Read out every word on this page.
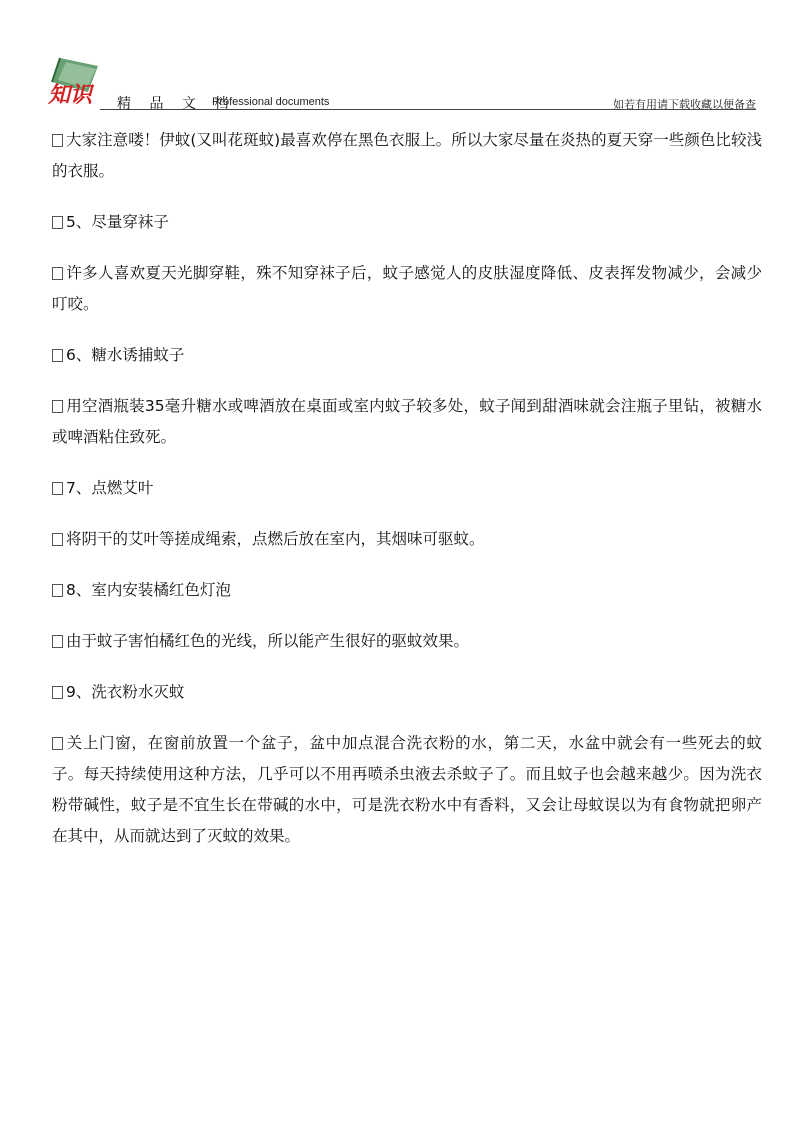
知识 精 品 文 档
Professional documents	如若有用请下载收藏以便备查

大家注意喽！伊蚊(又叫花斑蚊)最喜欢停在黑色衣服上。所以大家尽量在炎热的夏天穿一些颜色比较浅的衣服。

5、尽量穿袜子

许多人喜欢夏天光脚穿鞋，殊不知穿袜子后，蚊子感觉人的皮肤湿度降低、皮表挥发物减少，会减少叮咬。

6、糖水诱捕蚊子

用空酒瓶装35毫升糖水或啤酒放在桌面或室内蚊子较多处，蚊子闻到甜酒味就会注瓶子里钻，被糖水或啤酒粘住致死。

7、点燃艾叶

将阴干的艾叶等搓成绳索，点燃后放在室内，其烟味可驱蚊。

8、室内安装橘红色灯泡

由于蚊子害怕橘红色的光线，所以能产生很好的驱蚊效果。

9、洗衣粉水灭蚊

关上门窗，在窗前放置一个盆子，盆中加点混合洗衣粉的水，第二天，水盆中就会有一些死去的蚊子。每天持续使用这种方法，几乎可以不用再喷杀虫液去杀蚊子了。而且蚊子也会越来越少。因为洗衣粉带碱性，蚊子是不宜生长在带碱的水中，可是洗衣粉水中有香料，又会让母蚊误以为有食物就把卵产在其中，从而就达到了灭蚊的效果。
